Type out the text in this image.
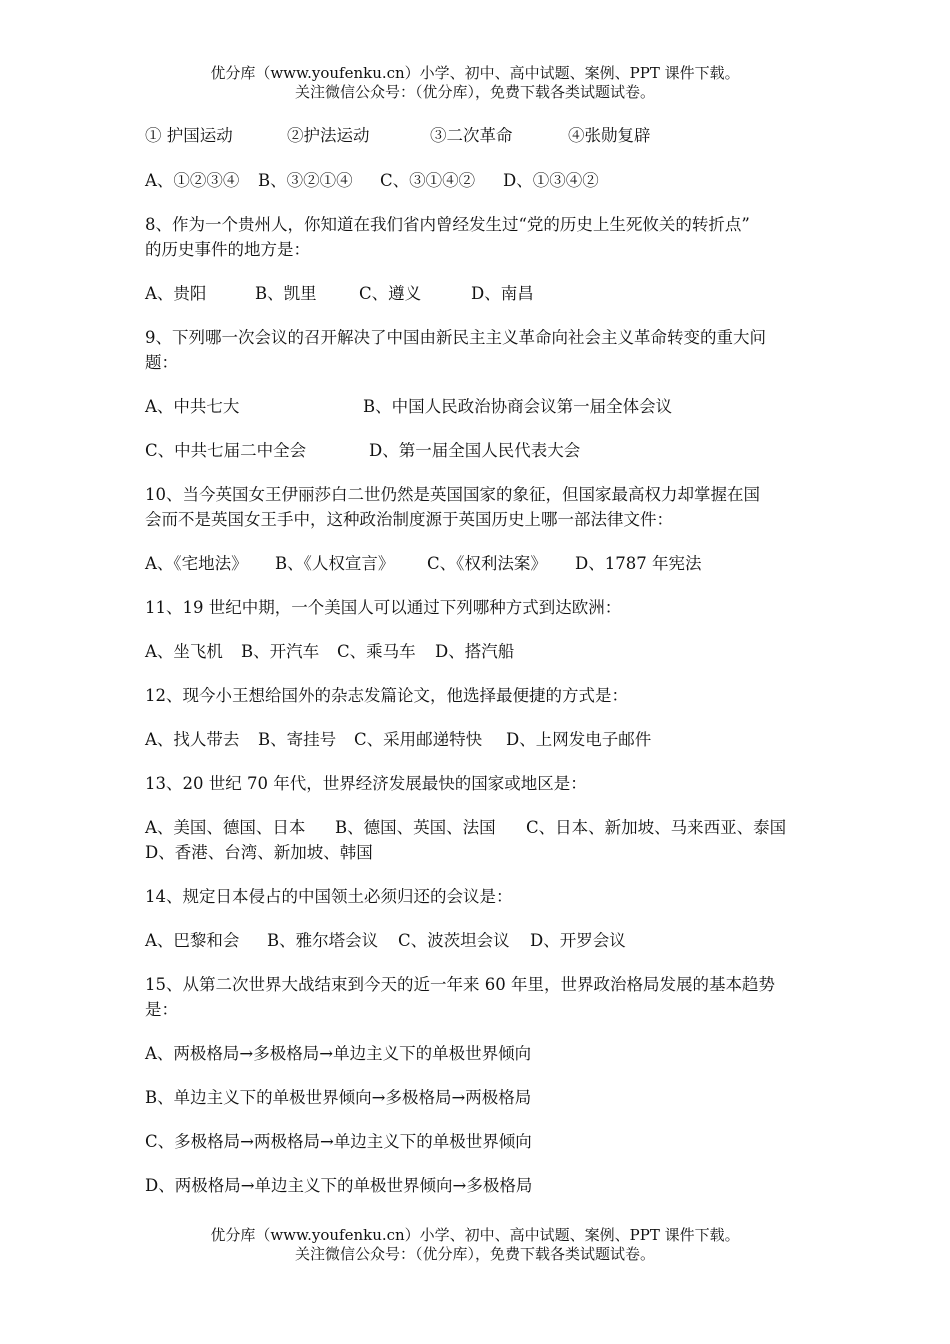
优分库（www.youfenku.cn）小学、初中、高中试题、案例、PPT 课件下载。
关注微信公众号：（优分库），免费下载各类试题试卷。
① 护国运动	②护法运动	③二次革命	④张勋复辟
A、①②③④ B、③②①④ C、③①④② D、①③④②
8、作为一个贵州人，你知道在我们省内曾经发生过“党的历史上生死攸关的转折点”
的历史事件的地方是：
A、贵阳	B、凯里	C、遵义	D、南昌
9、下列哪一次会议的召开解决了中国由新民主主义革命向社会主义革命转变的重大问
题：
A、中共七大	B、中国人民政治协商会议第一届全体会议
C、中共七届二中全会	D、第一届全国人民代表大会
10、当今英国女王伊丽莎白二世仍然是英国国家的象征，但国家最高权力却掌握在国
会而不是英国女王手中，这种政治制度源于英国历史上哪一部法律文件：
A、《宅地法》 B、《人权宣言》 C、《权利法案》 D、1787 年宪法
11、19 世纪中期，一个美国人可以通过下列哪种方式到达欧洲：
A、坐飞机 B、开汽车 C、乘马车 D、搭汽船
12、现今小王想给国外的杂志发篇论文，他选择最便捷的方式是：
A、找人带去 B、寄挂号 C、采用邮递特快 D、上网发电子邮件
13、20 世纪 70 年代，世界经济发展最快的国家或地区是：
A、美国、德国、日本 B、德国、英国、法国 C、日本、新加坡、马来西亚、泰国
D、香港、台湾、新加坡、韩国
14、规定日本侵占的中国领土必须归还的会议是：
A、巴黎和会 B、雅尔塔会议 C、波茨坦会议 D、开罗会议
15、从第二次世界大战结束到今天的近一年来 60 年里，世界政治格局发展的基本趋势
是：
A、两极格局→多极格局→单边主义下的单极世界倾向
B、单边主义下的单极世界倾向→多极格局→两极格局
C、多极格局→两极格局→单边主义下的单极世界倾向
D、两极格局→单边主义下的单极世界倾向→多极格局
优分库（www.youfenku.cn）小学、初中、高中试题、案例、PPT 课件下载。
关注微信公众号：（优分库），免费下载各类试题试卷。
